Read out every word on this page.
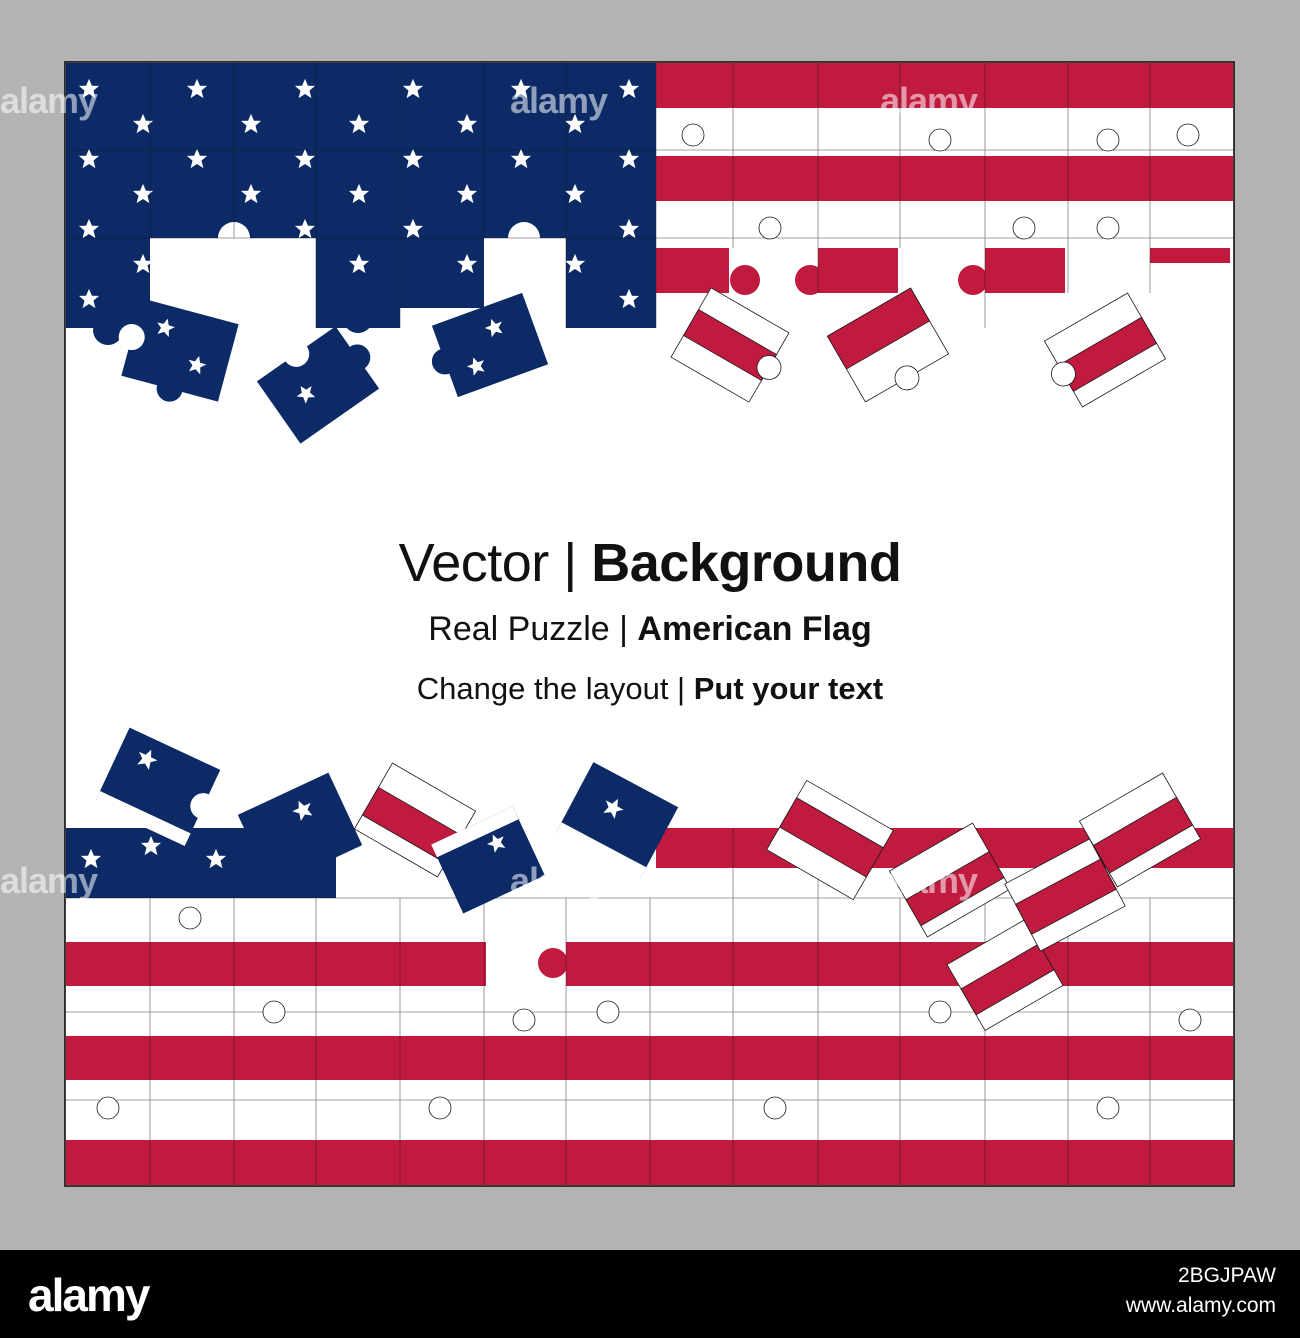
Vector | Background

Real Puzzle | American Flag

Change the layout | Put your text

alamy	alamy	alamy
alamy	alamy	alamy
alamy	2BGJPAW
www.alamy.com
